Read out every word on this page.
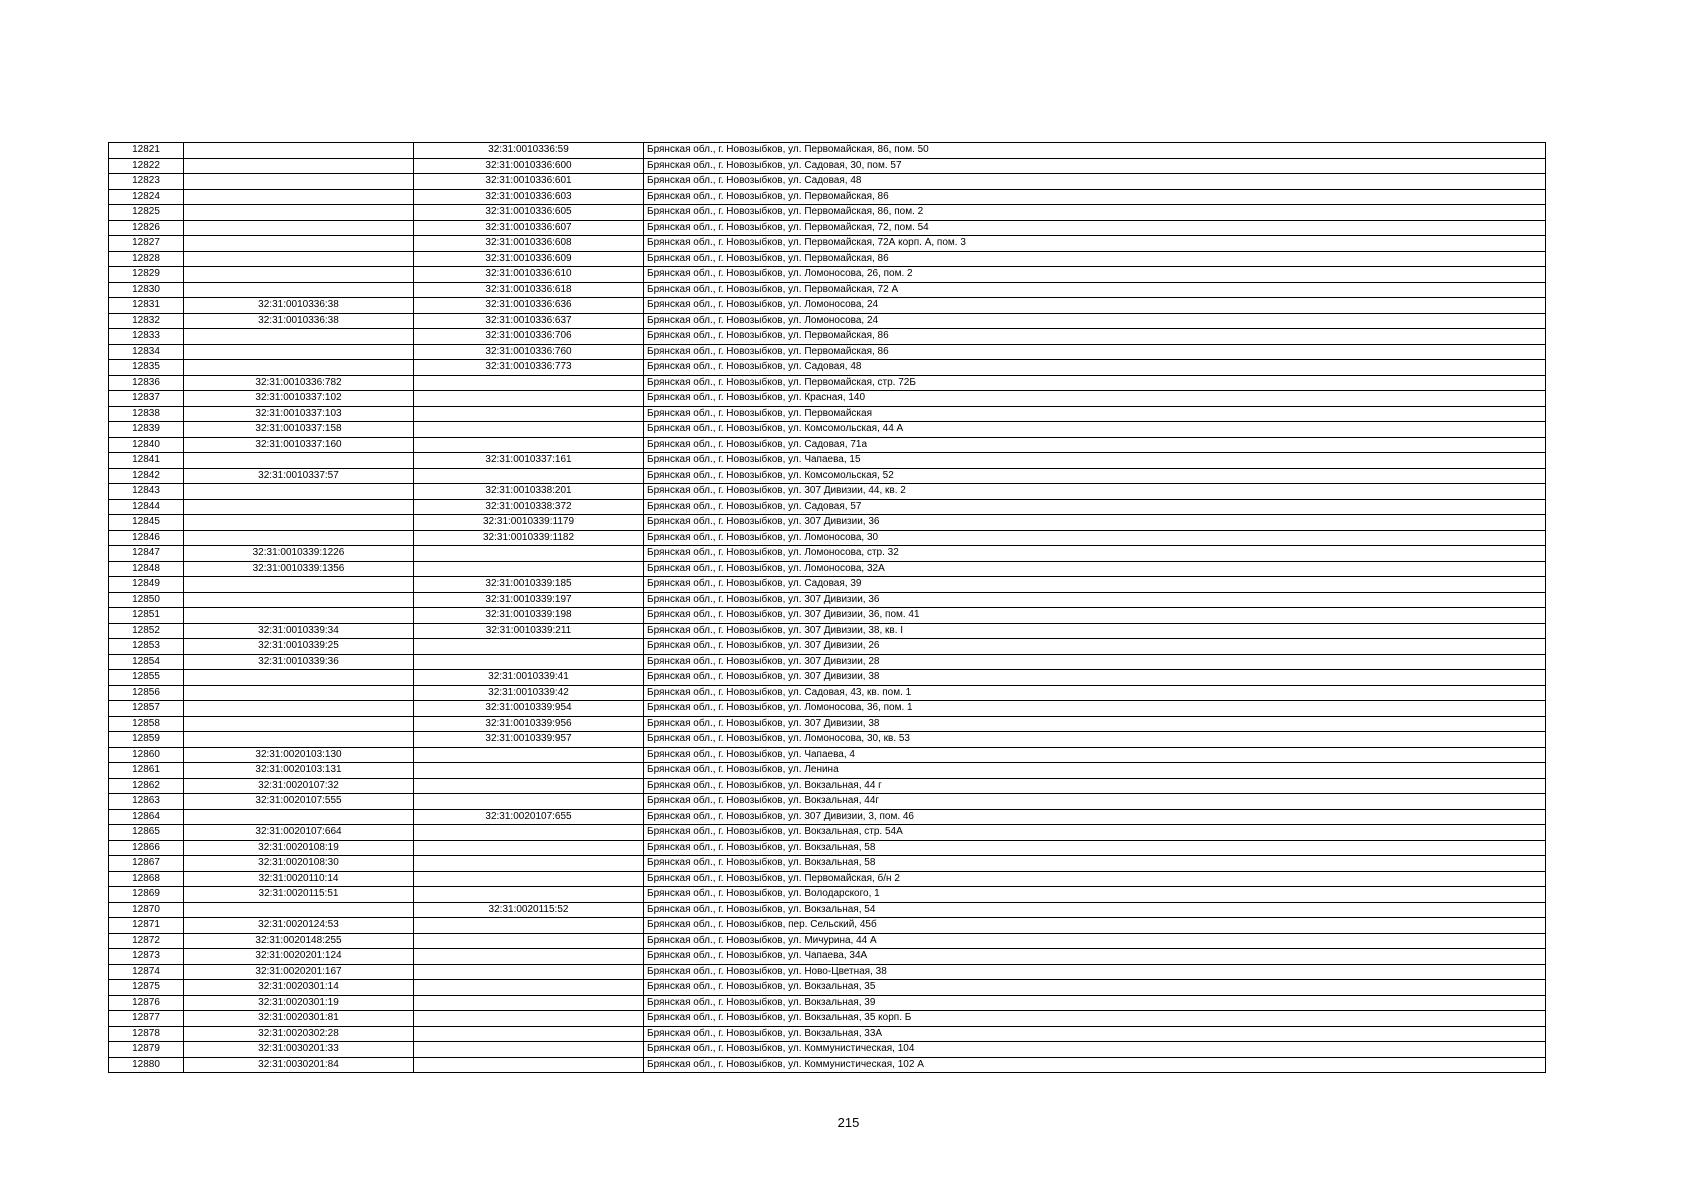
12821		32:31:0010336:59	Брянская обл., г. Новозыбков, ул. Первомайская, 86, пом. 50
12822		32:31:0010336:600	Брянская обл., г. Новозыбков, ул. Садовая, 30, пом. 57
12823		32:31:0010336:601	Брянская обл., г. Новозыбков, ул. Садовая, 48
12824		32:31:0010336:603	Брянская обл., г. Новозыбков, ул. Первомайская, 86
12825		32:31:0010336:605	Брянская обл., г. Новозыбков, ул. Первомайская, 86, пом. 2
12826		32:31:0010336:607	Брянская обл., г. Новозыбков, ул. Первомайская, 72, пом. 54
12827		32:31:0010336:608	Брянская обл., г. Новозыбков, ул. Первомайская, 72А корп. А, пом. 3
12828		32:31:0010336:609	Брянская обл., г. Новозыбков, ул. Первомайская, 86
12829		32:31:0010336:610	Брянская обл., г. Новозыбков, ул. Ломоносова, 26, пом. 2
12830		32:31:0010336:618	Брянская обл., г. Новозыбков, ул. Первомайская, 72 А
12831	32:31:0010336:38	32:31:0010336:636	Брянская обл., г. Новозыбков, ул. Ломоносова, 24
12832	32:31:0010336:38	32:31:0010336:637	Брянская обл., г. Новозыбков, ул. Ломоносова, 24
12833		32:31:0010336:706	Брянская обл., г. Новозыбков, ул. Первомайская, 86
12834		32:31:0010336:760	Брянская обл., г. Новозыбков, ул. Первомайская, 86
12835		32:31:0010336:773	Брянская обл., г. Новозыбков, ул. Садовая, 48
12836	32:31:0010336:782		Брянская обл., г. Новозыбков, ул. Первомайская, стр. 72Б
12837	32:31:0010337:102		Брянская обл., г. Новозыбков, ул. Красная, 140
12838	32:31:0010337:103		Брянская обл., г. Новозыбков, ул. Первомайская
12839	32:31:0010337:158		Брянская обл., г. Новозыбков, ул. Комсомольская, 44 А
12840	32:31:0010337:160		Брянская обл., г. Новозыбков, ул. Садовая, 71а
12841		32:31:0010337:161	Брянская обл., г. Новозыбков, ул. Чапаева, 15
12842	32:31:0010337:57		Брянская обл., г. Новозыбков, ул. Комсомольская, 52
12843		32:31:0010338:201	Брянская обл., г. Новозыбков, ул. 307 Дивизии, 44, кв. 2
12844		32:31:0010338:372	Брянская обл., г. Новозыбков, ул. Садовая, 57
12845		32:31:0010339:1179	Брянская обл., г. Новозыбков, ул. 307 Дивизии, 36
12846		32:31:0010339:1182	Брянская обл., г. Новозыбков, ул. Ломоносова, 30
12847	32:31:0010339:1226		Брянская обл., г. Новозыбков, ул. Ломоносова, стр. 32
12848	32:31:0010339:1356		Брянская обл., г. Новозыбков, ул. Ломоносова, 32А
12849		32:31:0010339:185	Брянская обл., г. Новозыбков, ул. Садовая, 39
12850		32:31:0010339:197	Брянская обл., г. Новозыбков, ул. 307 Дивизии, 36
12851		32:31:0010339:198	Брянская обл., г. Новозыбков, ул. 307 Дивизии, 36, пом. 41
12852	32:31:0010339:34	32:31:0010339:211	Брянская обл., г. Новозыбков, ул. 307 Дивизии, 38, кв. I
12853	32:31:0010339:25		Брянская обл., г. Новозыбков, ул. 307 Дивизии, 26
12854	32:31:0010339:36		Брянская обл., г. Новозыбков, ул. 307 Дивизии, 28
12855		32:31:0010339:41	Брянская обл., г. Новозыбков, ул. 307 Дивизии, 38
12856		32:31:0010339:42	Брянская обл., г. Новозыбков, ул. Садовая, 43, кв. пом. 1
12857		32:31:0010339:954	Брянская обл., г. Новозыбков, ул. Ломоносова, 36, пом. 1
12858		32:31:0010339:956	Брянская обл., г. Новозыбков, ул. 307 Дивизии, 38
12859		32:31:0010339:957	Брянская обл., г. Новозыбков, ул. Ломоносова, 30, кв. 53
12860	32:31:0020103:130		Брянская обл., г. Новозыбков, ул. Чапаева, 4
12861	32:31:0020103:131		Брянская обл., г. Новозыбков, ул. Ленина
12862	32:31:0020107:32		Брянская обл., г. Новозыбков, ул. Вокзальная, 44 г
12863	32:31:0020107:555		Брянская обл., г. Новозыбков, ул. Вокзальная, 44г
12864		32:31:0020107:655	Брянская обл., г. Новозыбков, ул. 307 Дивизии, 3, пом. 46
12865	32:31:0020107:664		Брянская обл., г. Новозыбков, ул. Вокзальная, стр. 54А
12866	32:31:0020108:19		Брянская обл., г. Новозыбков, ул. Вокзальная, 58
12867	32:31:0020108:30		Брянская обл., г. Новозыбков, ул. Вокзальная, 58
12868	32:31:0020110:14		Брянская обл., г. Новозыбков, ул. Первомайская, б/н 2
12869	32:31:0020115:51		Брянская обл., г. Новозыбков, ул. Володарского, 1
12870		32:31:0020115:52	Брянская обл., г. Новозыбков, ул. Вокзальная, 54
12871	32:31:0020124:53		Брянская обл., г. Новозыбков, пер. Сельский, 45б
12872	32:31:0020148:255		Брянская обл., г. Новозыбков, ул. Мичурина, 44 А
12873	32:31:0020201:124		Брянская обл., г. Новозыбков, ул. Чапаева, 34А
12874	32:31:0020201:167		Брянская обл., г. Новозыбков, ул. Ново-Цветная, 38
12875	32:31:0020301:14		Брянская обл., г. Новозыбков, ул. Вокзальная, 35
12876	32:31:0020301:19		Брянская обл., г. Новозыбков, ул. Вокзальная, 39
12877	32:31:0020301:81		Брянская обл., г. Новозыбков, ул. Вокзальная, 35 корп. Б
12878	32:31:0020302:28		Брянская обл., г. Новозыбков, ул. Вокзальная, 33А
12879	32:31:0030201:33		Брянская обл., г. Новозыбков, ул. Коммунистическая, 104
12880	32:31:0030201:84		Брянская обл., г. Новозыбков, ул. Коммунистическая, 102 А
215
